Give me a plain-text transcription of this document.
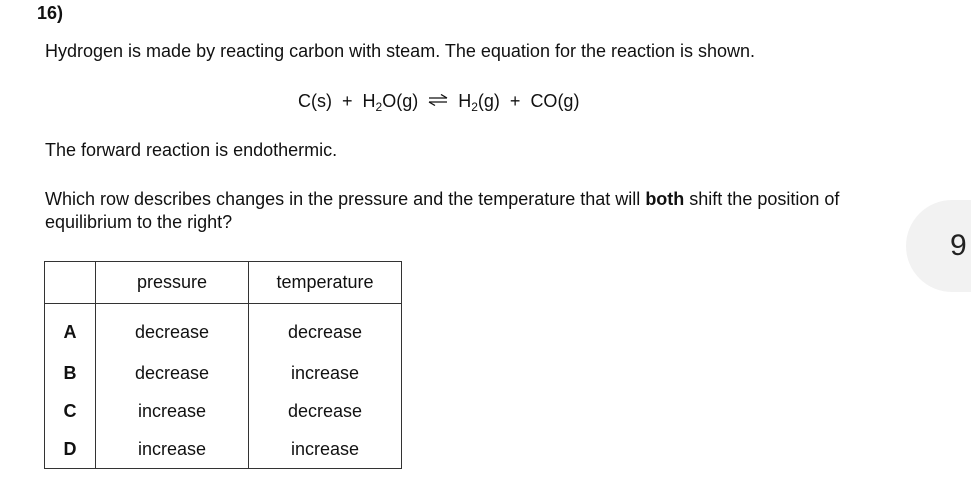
16)
Hydrogen is made by reacting carbon with steam. The equation for the reaction is shown.
$C(s) + H_2O(g)$ ⇌ $H_2(g) + CO(g)$
The forward reaction is endothermic.
Which row describes changes in the pressure and the temperature that will both shift the position of equilibrium to the right?
	pressure	temperature
A	decrease	decrease
B	decrease	increase
C	increase	decrease
D	increase	increase
9
